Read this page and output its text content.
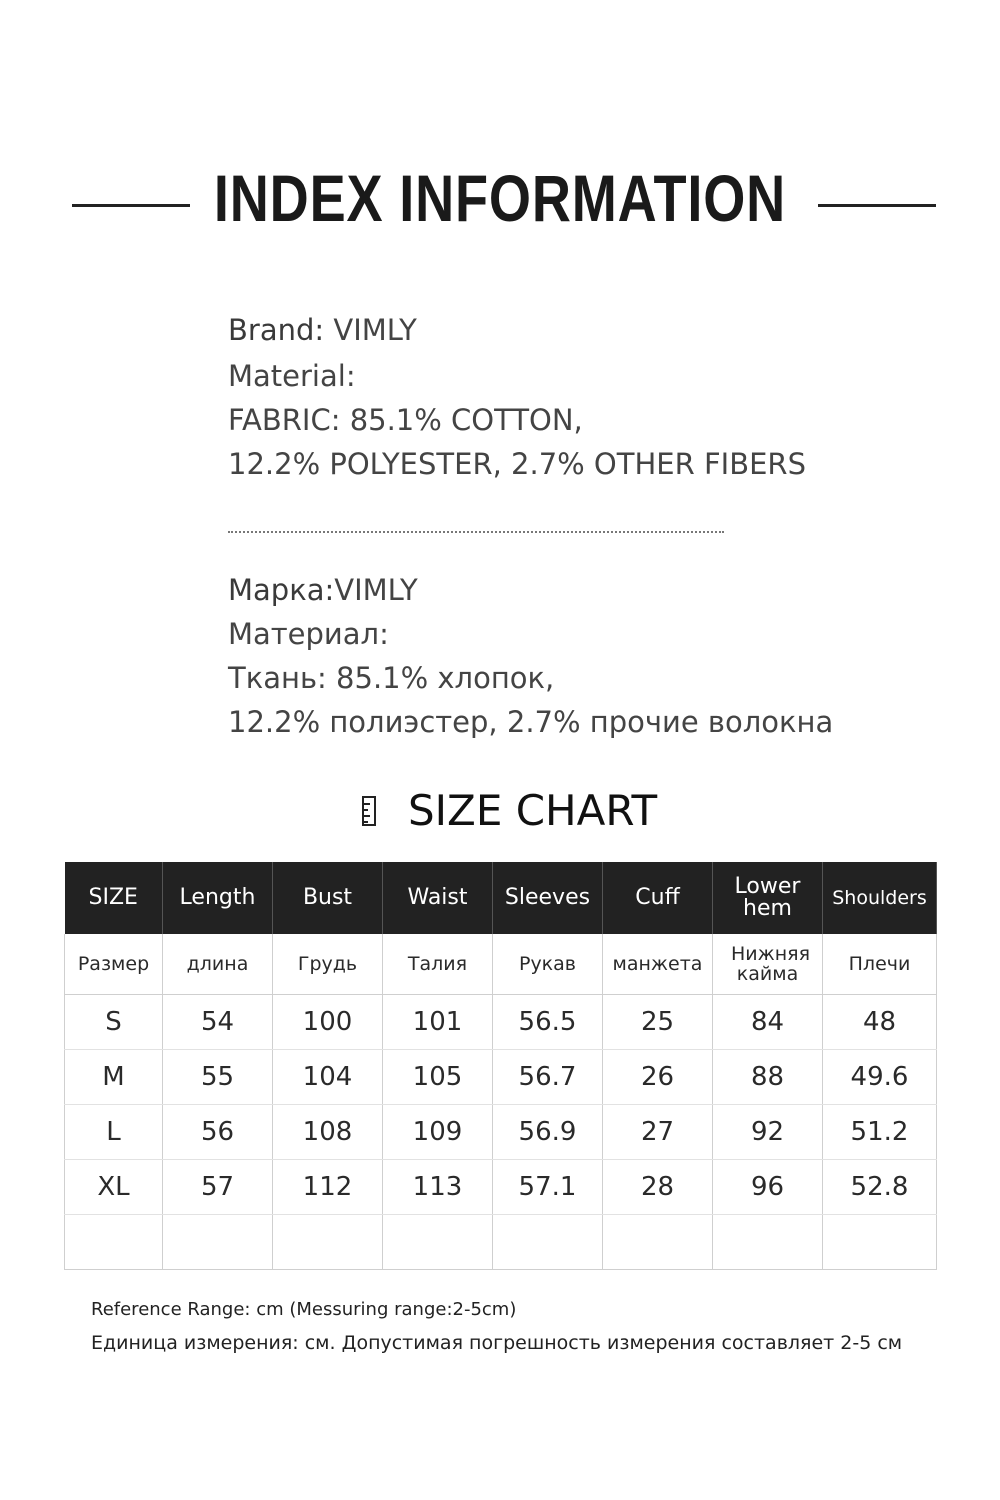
INDEX INFORMATION
Brand: VIMLY
Material:
FABRIC: 85.1% COTTON,
12.2% POLYESTER, 2.7% OTHER FIBERS
Марка:VIMLY
Материал:
Ткань: 85.1% хлопок,
12.2% полиэстер, 2.7% прочие волокна
SIZE CHART
SIZE	Length	Bust	Waist	Sleeves	Cuff	Lower hem	Shoulders
Размер	длина	Грудь	Талия	Рукав	манжета	Нижняя кайма	Плечи
S	54	100	101	56.5	25	84	48
M	55	104	105	56.7	26	88	49.6
L	56	108	109	56.9	27	92	51.2
XL	57	112	113	57.1	28	96	52.8

Reference Range: cm (Messuring range:2-5cm)
Единица измерения: см. Допустимая погрешность измерения составляет 2-5 см
